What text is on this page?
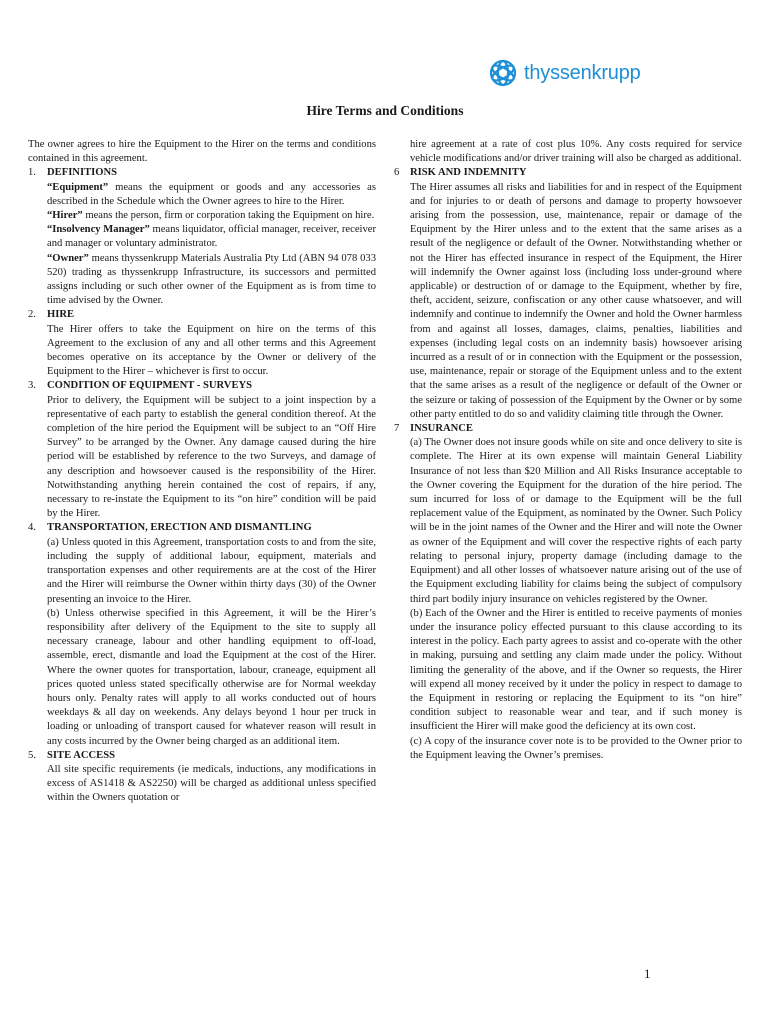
thyssenkrupp
Hire Terms and Conditions

The owner agrees to hire the Equipment to the Hirer on the terms and conditions contained in this agreement.

1.	DEFINITIONS

“Equipment” means the equipment or goods and any accessories as described in the Schedule which the Owner agrees to hire to the Hirer.

“Hirer” means the person, firm or corporation taking the Equipment on hire.

“Insolvency Manager” means liquidator, official manager, receiver, receiver and manager or voluntary administrator.

“Owner” means thyssenkrupp Materials Australia Pty Ltd (ABN 94 078 033 520) trading as thyssenkrupp Infrastructure, its successors and permitted assigns including or such other owner of the Equipment as is from time to time advised by the Owner.

2.	HIRE

The Hirer offers to take the Equipment on hire on the terms of this Agreement to the exclusion of any and all other terms and this Agreement becomes operative on its acceptance by the Owner or delivery of the Equipment to the Hirer – whichever is first to occur.

3.	CONDITION OF EQUIPMENT - SURVEYS

Prior to delivery, the Equipment will be subject to a joint inspection by a representative of each party to establish the general condition thereof. At the completion of the hire period the Equipment will be subject to an “Off Hire Survey” to be arranged by the Owner. Any damage caused during the hire period will be established by reference to the two Surveys, and damage of any description and howsoever caused is the responsibility of the Hirer. Notwithstanding anything herein contained the cost of repairs, if any, necessary to re-instate the Equipment to its “on hire” condition will be paid by the Hirer.

4.	TRANSPORTATION, ERECTION AND DISMANTLING

(a) Unless quoted in this Agreement, transportation costs to and from the site, including the supply of additional labour, equipment, materials and transportation expenses and other requirements are at the cost of the Hirer and the Hirer will reimburse the Owner within thirty days (30) of the Owner presenting an invoice to the Hirer.

(b) Unless otherwise specified in this Agreement, it will be the Hirer’s responsibility after delivery of the Equipment to the site to supply all necessary craneage, labour and other handling equipment to off-load, assemble, erect, dismantle and load the Equipment at the cost of the Hirer. Where the owner quotes for transportation, labour, craneage, equipment all prices quoted unless stated specifically otherwise are for Normal weekday hours only. Penalty rates will apply to all works conducted out of hours weekdays & all day on weekends. Any delays beyond 1 hour per truck in loading or unloading of transport caused for whatever reason will result in any costs incurred by the Owner being charged as an additional item.

5.	SITE ACCESS

All site specific requirements (ie medicals, inductions, any modifications in excess of AS1418 & AS2250) will be charged as additional unless specified within the Owners quotation or

hire agreement at a rate of cost plus 10%. Any costs required for service vehicle modifications and/or driver training will also be charged as additional.

6	RISK AND INDEMNITY

The Hirer assumes all risks and liabilities for and in respect of the Equipment and for injuries to or death of persons and damage to property howsoever arising from the possession, use, maintenance, repair or damage of the Equipment by the Hirer unless and to the extent that the same arises as a result of the negligence or default of the Owner. Notwithstanding whether or not the Hirer has effected insurance in respect of the Equipment, the Hirer will indemnify the Owner against loss (including loss under-ground where applicable) or destruction of or damage to the Equipment, whether by fire, theft, accident, seizure, confiscation or any other cause whatsoever, and will indemnify and continue to indemnify the Owner and hold the Owner harmless from and against all losses, damages, claims, penalties, liabilities and expenses (including legal costs on an indemnity basis) howsoever arising incurred as a result of or in connection with the Equipment or the possession, use, maintenance, repair or storage of the Equipment unless and to the extent that the same arises as a result of the negligence or default of the Owner or the seizure or taking of possession of the Equipment by the Owner or by some other party entitled to do so and validity claiming title through the Owner.

7	INSURANCE

(a) The Owner does not insure goods while on site and once delivery to site is complete. The Hirer at its own expense will maintain General Liability Insurance of not less than $20 Million and All Risks Insurance acceptable to the Owner covering the Equipment for the duration of the hire period. The sum incurred for loss of or damage to the Equipment will be the full replacement value of the Equipment, as nominated by the Owner. Such Policy will be in the joint names of the Owner and the Hirer and will note the Owner as owner of the Equipment and will cover the respective rights of each party relating to personal injury, property damage (including damage to the Equipment) and all other losses of whatsoever nature arising out of the use of the Equipment excluding liability for claims being the subject of compulsory third part bodily injury insurance on vehicles registered by the Owner.

(b) Each of the Owner and the Hirer is entitled to receive payments of monies under the insurance policy effected pursuant to this clause according to its interest in the policy. Each party agrees to assist and co-operate with the other in making, pursuing and settling any claim made under the policy. Without limiting the generality of the above, and if the Owner so requests, the Hirer will expend all money received by it under the policy in respect to damage to the Equipment in restoring or replacing the Equipment to its “on hire” condition subject to reasonable wear and tear, and if such money is insufficient the Hirer will make good the deficiency at its own cost.

(c) A copy of the insurance cover note is to be provided to the Owner prior to the Equipment leaving the Owner’s premises.

1
